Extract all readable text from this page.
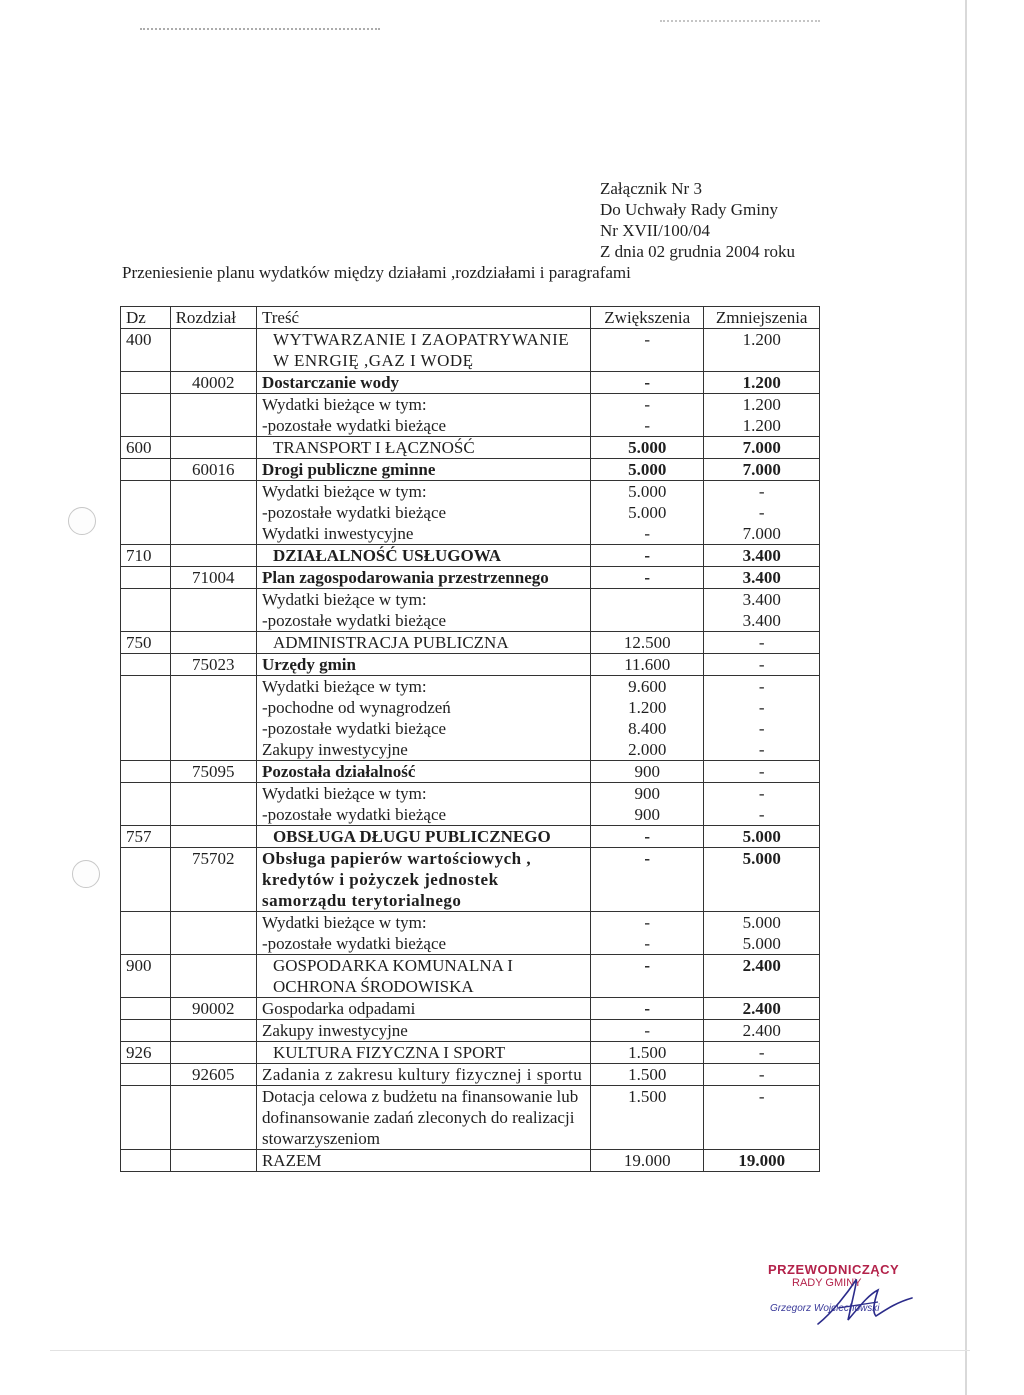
Załącznik Nr 3
Do Uchwały Rady Gminy
Nr XVII/100/04
Z dnia 02 grudnia 2004 roku
Przeniesienie planu wydatków między działami ,rozdziałami i paragrafami
Dz	Rozdział	Treść	Zwiększenia	Zmniejszenia
400		WYTWARZANIE I ZAOPATRYWANIE W ENRGIĘ ,GAZ I WODĘ	-	1.200
	40002	Dostarczanie wody	-	1.200
		Wydatki bieżące w tym:	-	1.200
		-pozostałe wydatki bieżące	-	1.200
600		TRANSPORT I ŁĄCZNOŚĆ	5.000	7.000
	60016	Drogi publiczne gminne	5.000	7.000
		Wydatki bieżące w tym:	5.000	-
		-pozostałe wydatki bieżące	5.000	-
		Wydatki inwestycyjne	-	7.000
710		DZIAŁALNOŚĆ USŁUGOWA	-	3.400
	71004	Plan zagospodarowania przestrzennego	-	3.400
		Wydatki bieżące w tym:		3.400
		-pozostałe wydatki bieżące		3.400
750		ADMINISTRACJA PUBLICZNA	12.500	-
	75023	Urzędy gmin	11.600	-
		Wydatki bieżące w tym:	9.600	-
		-pochodne od wynagrodzeń	1.200	-
		-pozostałe wydatki bieżące	8.400	-
		Zakupy inwestycyjne	2.000	-
	75095	Pozostała działalność	900	-
		Wydatki bieżące w tym:	900	-
		-pozostałe wydatki bieżące	900	-
757		OBSŁUGA DŁUGU PUBLICZNEGO	-	5.000
	75702	Obsługa papierów wartościowych , kredytów i pożyczek jednostek samorządu terytorialnego	-	5.000
		Wydatki bieżące w tym:	-	5.000
		-pozostałe wydatki bieżące	-	5.000
900		GOSPODARKA KOMUNALNA I OCHRONA ŚRODOWISKA	-	2.400
	90002	Gospodarka odpadami	-	2.400
		Zakupy inwestycyjne	-	2.400
926		KULTURA FIZYCZNA I SPORT	1.500	-
	92605	Zadania z zakresu kultury fizycznej i sportu	1.500	-
		Dotacja celowa z budżetu na finansowanie lub dofinansowanie zadań zleconych do realizacji stowarzyszeniom	1.500	-
		RAZEM	19.000	19.000
PRZEWODNICZĄCY
RADY GMINY
Grzegorz Wojciechowski
